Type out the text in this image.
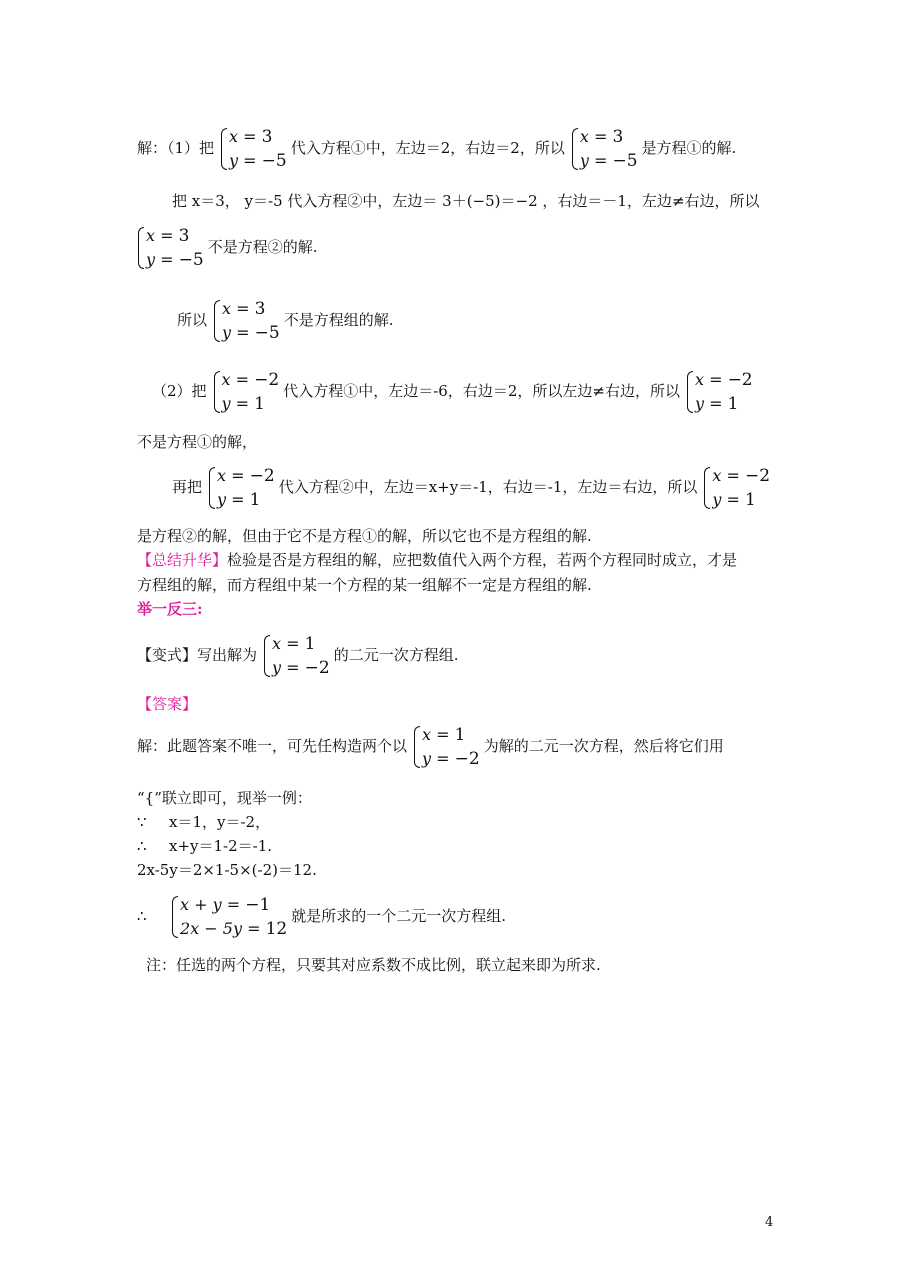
解：（1）把
x = 3
y = −5
代入方程①中，左边＝2，右边＝2，所以
x = 3
y = −5
是方程①的解.
把 x＝3， y＝-5 代入方程②中，左边＝ 3＋(−5)＝−2 ，右边＝－1，左边≠右边，所以
x = 3
y = −5
不是方程②的解.
所以
x = 3
y = −5
不是方程组的解.
（2）把
x = −2
y = 1
代入方程①中，左边＝-6，右边＝2，所以左边≠右边，所以
x = −2
y = 1
不是方程①的解，
再把
x = −2
y = 1
代入方程②中，左边＝x+y＝-1，右边＝-1，左边＝右边，所以
x = −2
y = 1
是方程②的解，但由于它不是方程①的解，所以它也不是方程组的解.
【总结升华】检验是否是方程组的解，应把数值代入两个方程，若两个方程同时成立，才是
方程组的解，而方程组中某一个方程的某一组解不一定是方程组的解.
举一反三:
【变式】写出解为
x = 1
y = −2
的二元一次方程组.
【答案】
解：此题答案不唯一，可先任构造两个以
x = 1
y = −2
为解的二元一次方程，然后将它们用
“{”联立即可，现举一例：
∵ x＝1，y＝-2，
∴ x+y＝1-2＝-1.
2x-5y＝2×1-5×(-2)＝12.
∴
x + y = −1
2x − 5y = 12
就是所求的一个二元一次方程组.
注：任选的两个方程，只要其对应系数不成比例，联立起来即为所求.
4
